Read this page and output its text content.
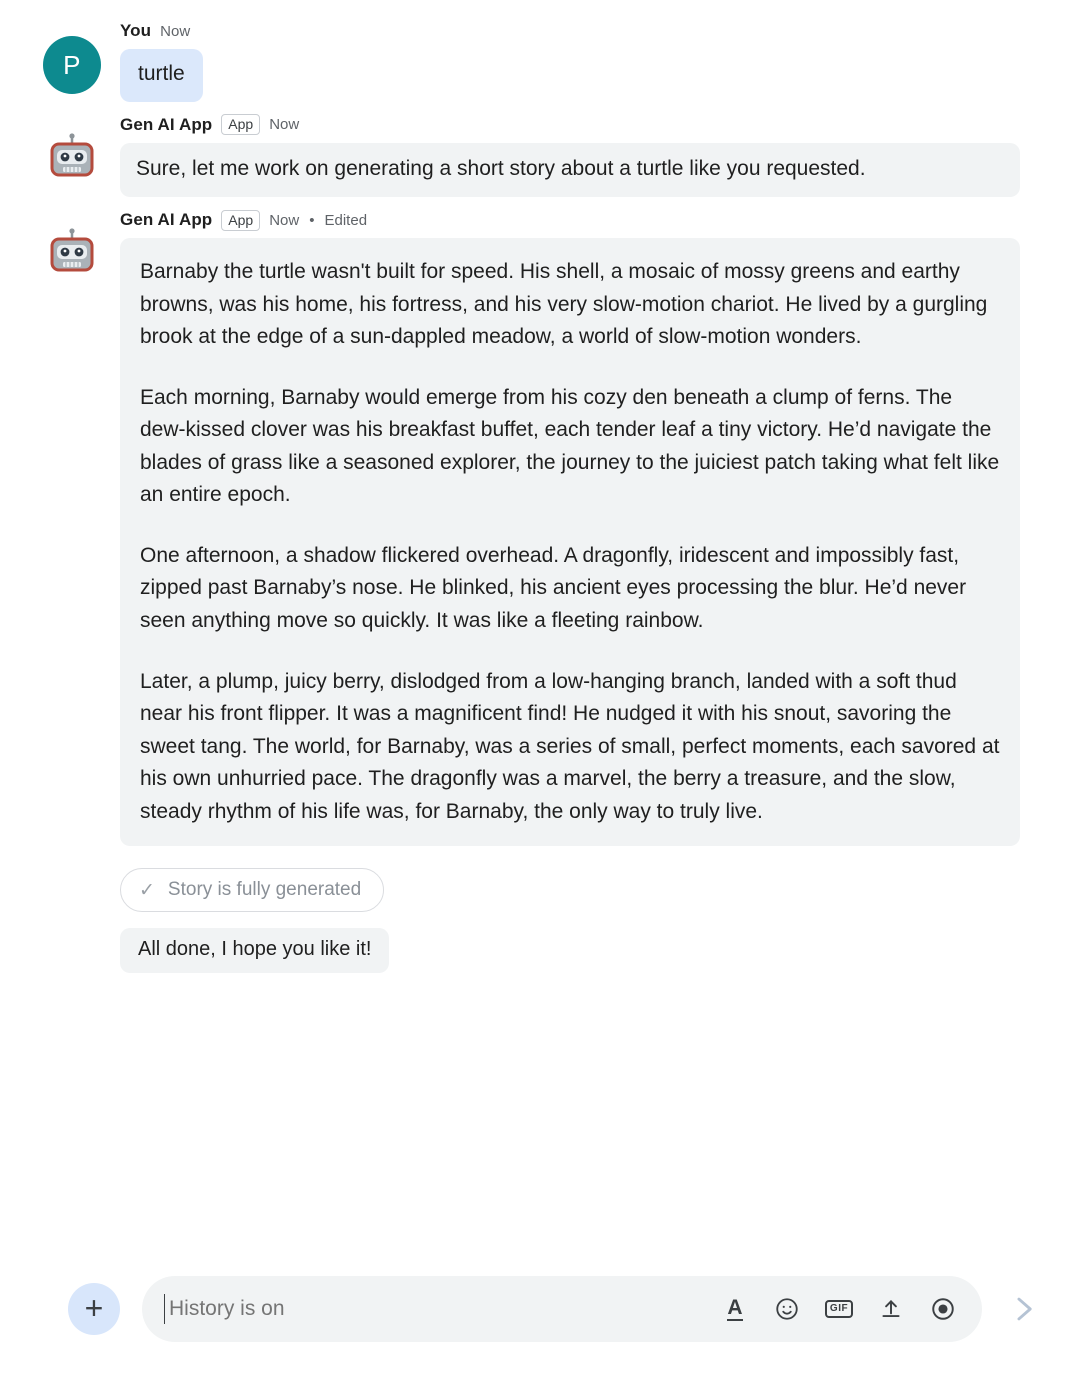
P
You Now
turtle
Gen AI App	App	Now

Sure, let me work on generating a short story about a turtle like you requested.

Gen AI App	App	Now • Edited

Barnaby the turtle wasn't built for speed. His shell, a mosaic of mossy greens and earthy browns, was his home, his fortress, and his very slow-motion chariot. He lived by a gurgling brook at the edge of a sun-dappled meadow, a world of slow-motion wonders.

Each morning, Barnaby would emerge from his cozy den beneath a clump of ferns. The dew-kissed clover was his breakfast buffet, each tender leaf a tiny victory. He’d navigate the blades of grass like a seasoned explorer, the journey to the juiciest patch taking what felt like an entire epoch.

One afternoon, a shadow flickered overhead. A dragonfly, iridescent and impossibly fast, zipped past Barnaby’s nose. He blinked, his ancient eyes processing the blur. He’d never seen anything move so quickly. It was like a fleeting rainbow.

Later, a plump, juicy berry, dislodged from a low-hanging branch, landed with a soft thud near his front flipper. It was a magnificent find! He nudged it with his snout, savoring the sweet tang. The world, for Barnaby, was a series of small, perfect moments, each savored at his own unhurried pace. The dragonfly was a marvel, the berry a treasure, and the slow, steady rhythm of his life was, for Barnaby, the only way to truly live.

✓ Story is fully generated
All done, I hope you like it!
+
History is on	A	GIF
